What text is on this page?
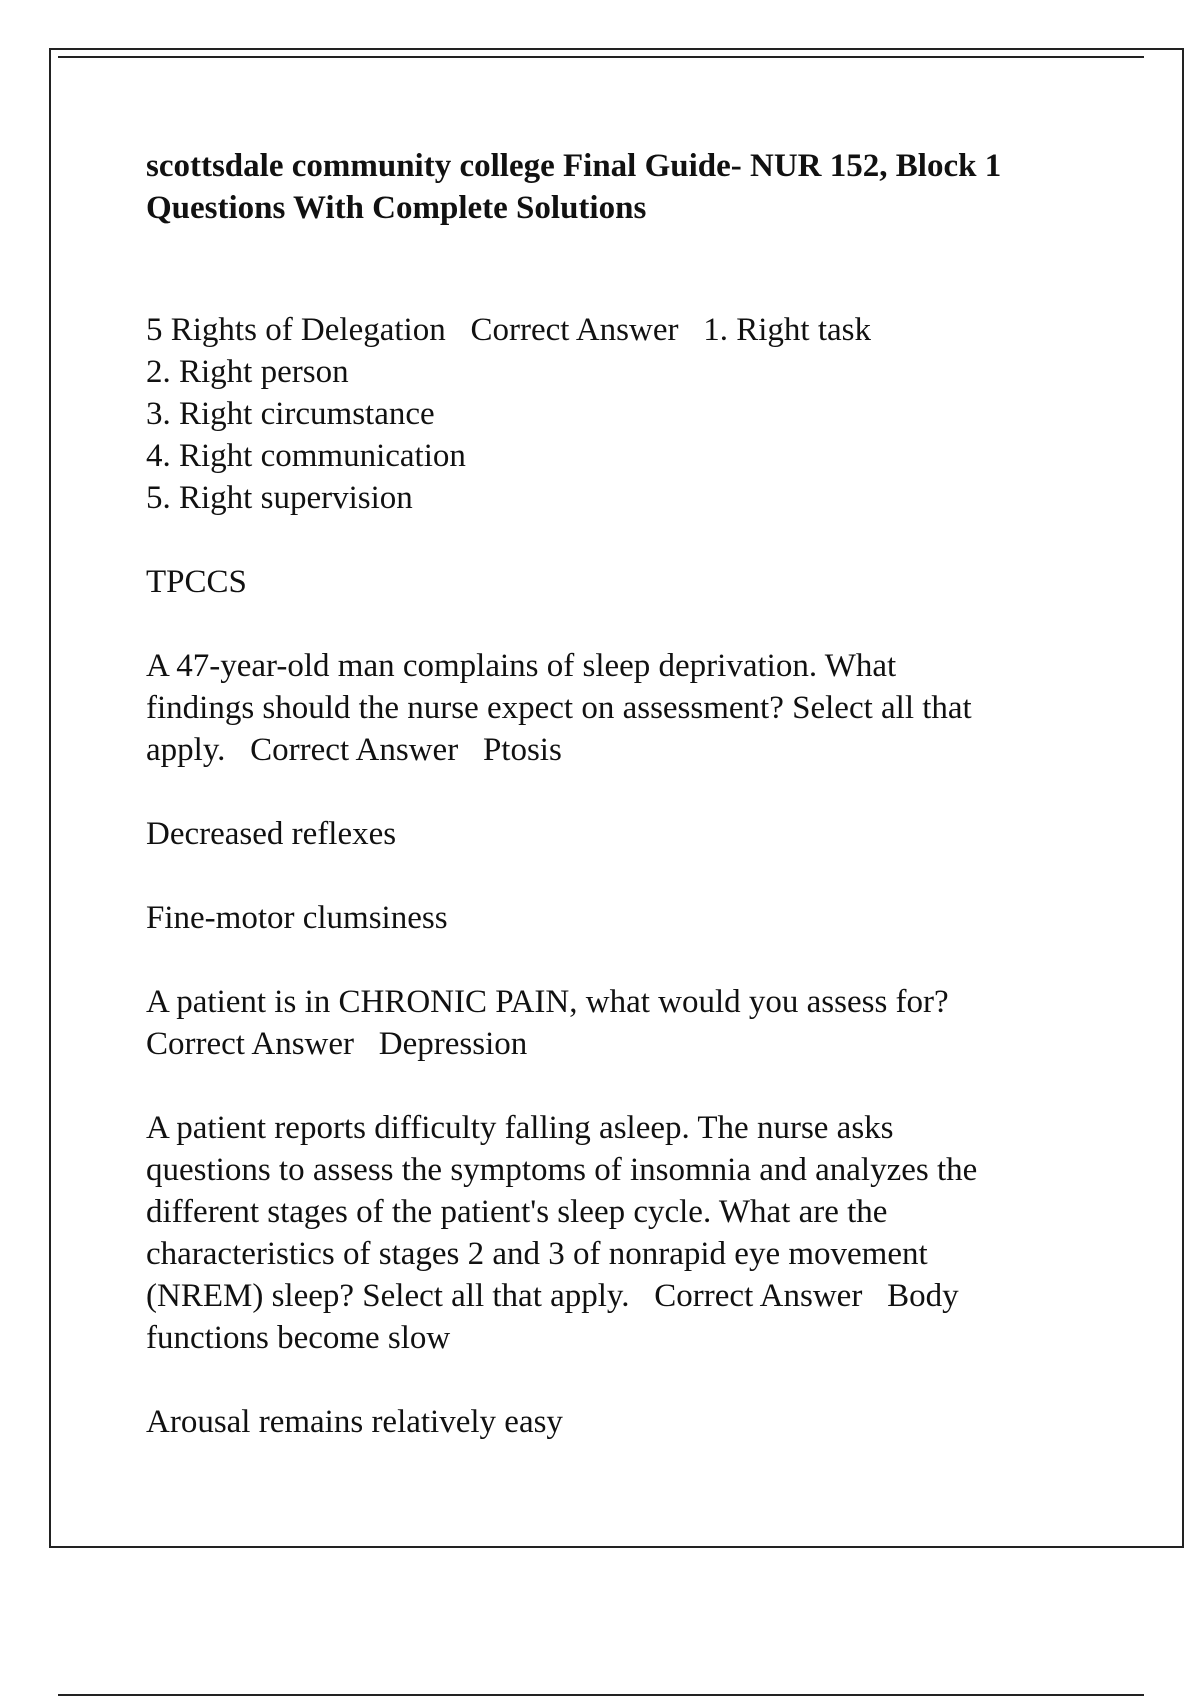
scottsdale community college Final Guide- NUR 152, Block 1

Questions With Complete Solutions

5 Rights of Delegation   Correct Answer   1. Right task
2. Right person
3. Right circumstance
4. Right communication
5. Right supervision

TPCCS

A 47-year-old man complains of sleep deprivation. What
findings should the nurse expect on assessment? Select all that
apply.   Correct Answer   Ptosis

Decreased reflexes

Fine-motor clumsiness

A patient is in CHRONIC PAIN, what would you assess for?
Correct Answer   Depression

A patient reports difficulty falling asleep. The nurse asks
questions to assess the symptoms of insomnia and analyzes the
different stages of the patient's sleep cycle. What are the
characteristics of stages 2 and 3 of nonrapid eye movement
(NREM) sleep? Select all that apply.   Correct Answer   Body
functions become slow

Arousal remains relatively easy
